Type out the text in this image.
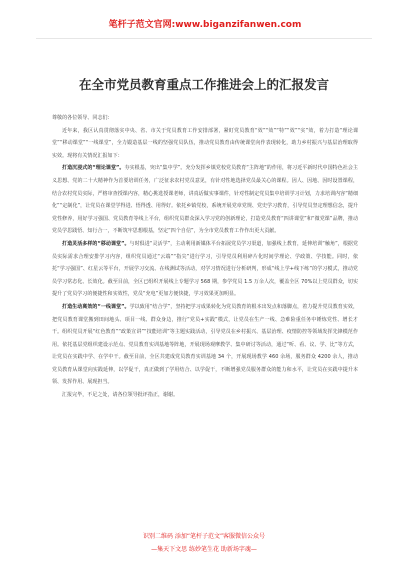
笔杆子范文官网:www.biganzifanwen.com
在全市党员教育重点工作推进会上的汇报发言

尊敬的各位领导、同志们：

近年来，我区认真贯彻落实中央、省、市关于党员教育工作安排部署，紧盯党员教育“效”“效”“特”“效”“实”效，着力打造“理论课堂”“移动课堂”“一线课堂”，全力锻造基层一线的坚强党员队伍，推动党员教育由传统课堂向作表现转化，助力乡村振兴与基层治理取得实效。现将有关情况汇报如下：

打造沉浸式的“理论课堂”。夯实根基，突出“集中学”。充分发挥乡镇党校党员教育“主阵地”的作用，将习近平新时代中国特色社会主义思想、党的二十大精神作为首要培训任务，广泛征求农村党员意见，有针对性地选择党员最关心的课程。因人、因地、因时设置课程，结合农村党员实际，严格审查授课内容，精心挑选授课老师，讲真话做实事课件，针对性制定党员集中培训学习计划，力求培训内容“精细化”“定制化”，让党员在课堂学得进、悟得透、用得好。依托乡镇党校，系统开展党章党规、党史学习教育，引导党员坚定理想信念，提升党性修养，用好学习强国、党员教育等线上平台，组织党员群众深入学习党的创新理论，打造党员教育“四讲课堂”和“微党课”品牌，推动党员学思践悟、知行合一，不断筑牢思想根基，坚定“四个自信”，为全市党员教育工作作出更大贡献。

打造灵活多样的“移动课堂”。与时俱进“灵活学”，主动利用新媒体平台拓展党员学习渠道，加强线上教育，延伸培训“触角”，根据党员实际需求合理安排学习内容，组织党员通过“云端”“指尖”进行学习，引导党员利用碎片化时间学理论、学政策、学技能。同时，依托“学习强国”、红星云等平台，开展学习交流、在线测试等活动，对学习情况进行分析研判，形成“线上学+线下练”的学习模式，推动党员学习常态化、长效化。截至目前，全区已组织开展线上专题学习 568 期，参学党员 1.5 万余人次，覆盖全区 70%以上党员群众，切实提升了党员学习的便捷性和实效性，党员“充电”更加方便快捷，学习效果更加明显。

打造生动离效的“一线课堂”。学以致用“结合学”，坚持把学习成果转化为党员教育的根本出发点和落脚点，着力提升党员教育实效，把党员教育课堂搬到田间地头、项目一线、群众身边，推行“党员+实践”模式，让党员在生产一线、急难险重任务中锤炼党性、增长才干。组织党员开展“红色教育”“政策宣讲”“技能培训”等主题实践活动，引导党员在乡村振兴、基层治理、疫情防控等领域发挥先锋模范作用。依托基层党组织建设示范点、党员教育实训基地等阵地，开展现场观摩教学、集中研讨等活动，通过“听、看、议、学、比”等方式，让党员在实践中学、在学中干。截至目前，全区共建成党员教育实训基地 34 个，开展现场教学 460 余场，服务群众 4200 余人，推动党员教育从课堂向实践延伸，以学促干，真正做到了学用结合、以学促干，不断增强党员服务群众的能力和水平，让党员在实践中提升本领、发挥作用、展现担当。

汇报完毕，不足之处，请各位领导批评指正，谢谢。

识别二维码 添加“笔杆子范文”客服微信公众号

—集天下文思 练妙笔生花 助新场字魂—
